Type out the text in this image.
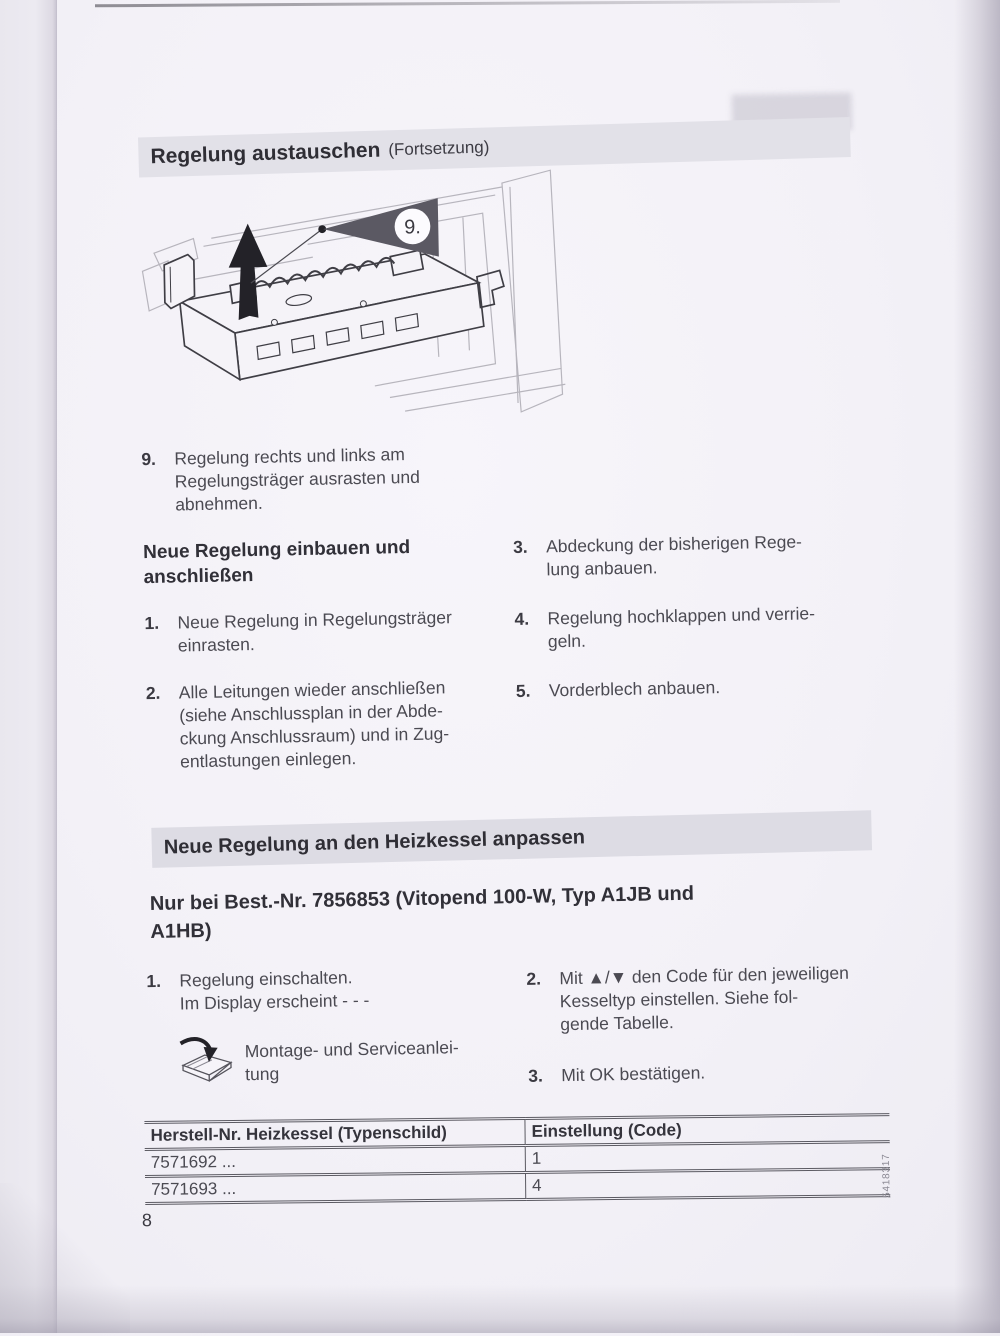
Regelung austauschen (Fortsetzung)
9.
9.	Regelung rechts und links am
Regelungsträger ausrasten und
abnehmen.
Neue Regelung einbauen und
anschließen
1.	Neue Regelung in Regelungsträger
einrasten.
2.	Alle Leitungen wieder anschließen
(siehe Anschlussplan in der Abde-
ckung Anschlussraum) und in Zug-
entlastungen einlegen.
3.	Abdeckung der bisherigen Rege-
lung anbauen.
4.	Regelung hochklappen und verrie-
geln.
5.	Vorderblech anbauen.
Neue Regelung an den Heizkessel anpassen
Nur bei Best.-Nr. 7856853 (Vitopend 100-W, Typ A1JB und
A1HB)
1.	Regelung einschalten.
Im Display erscheint - - -
Montage- und Serviceanlei-
tung
2.	Mit ▲/▼ den Code für den jeweiligen
Kesseltyp einstellen. Siehe fol-
gende Tabelle.
3.	Mit OK bestätigen.
Herstell-Nr. Heizkessel (Typenschild)	Einstellung (Code)
7571692 ...	1
7571693 ...	4
8
5418317
